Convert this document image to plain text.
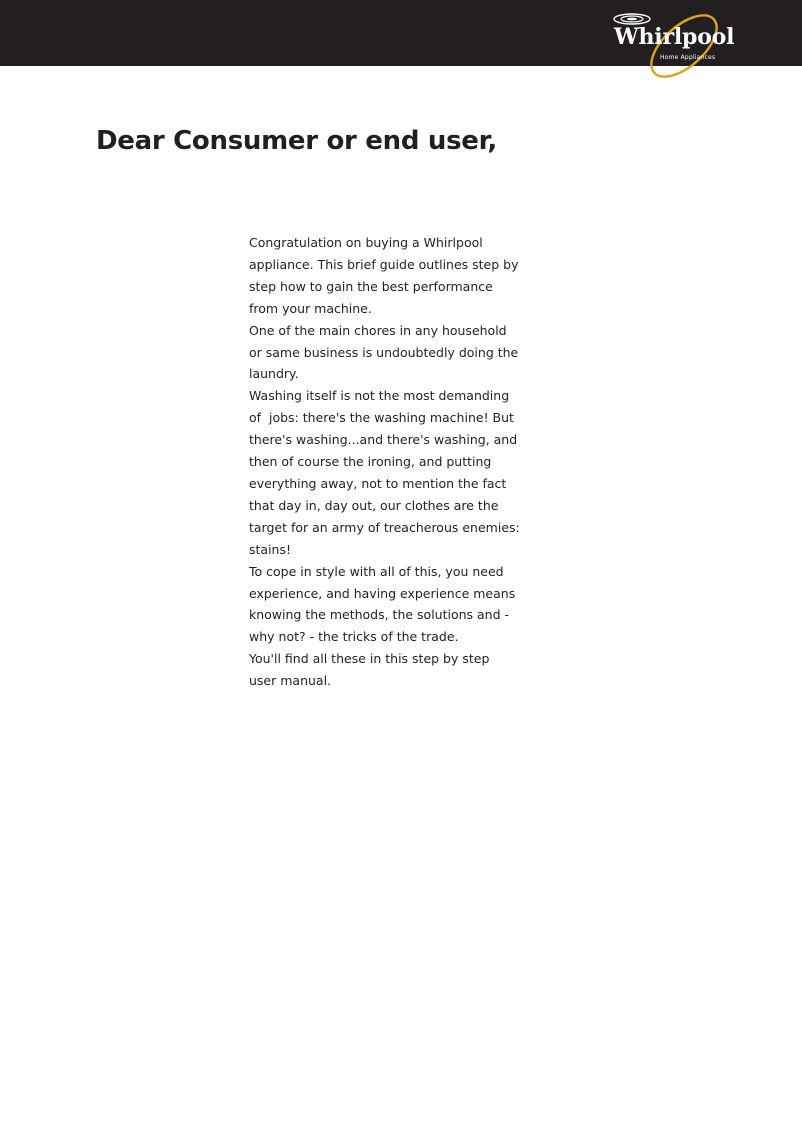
Whirlpool
Home Appliances
Dear Consumer or end user,
Congratulation on buying a Whirlpool
appliance. This brief guide outlines step by
step how to gain the best performance
from your machine.
One of the main chores in any household
or same business is undoubtedly doing the
laundry.
Washing itself is not the most demanding
of  jobs: there's the washing machine! But
there's washing...and there's washing, and
then of course the ironing, and putting
everything away, not to mention the fact
that day in, day out, our clothes are the
target for an army of treacherous enemies:
stains!
To cope in style with all of this, you need
experience, and having experience means
knowing the methods, the solutions and -
why not? - the tricks of the trade.
You'll find all these in this step by step
user manual.
